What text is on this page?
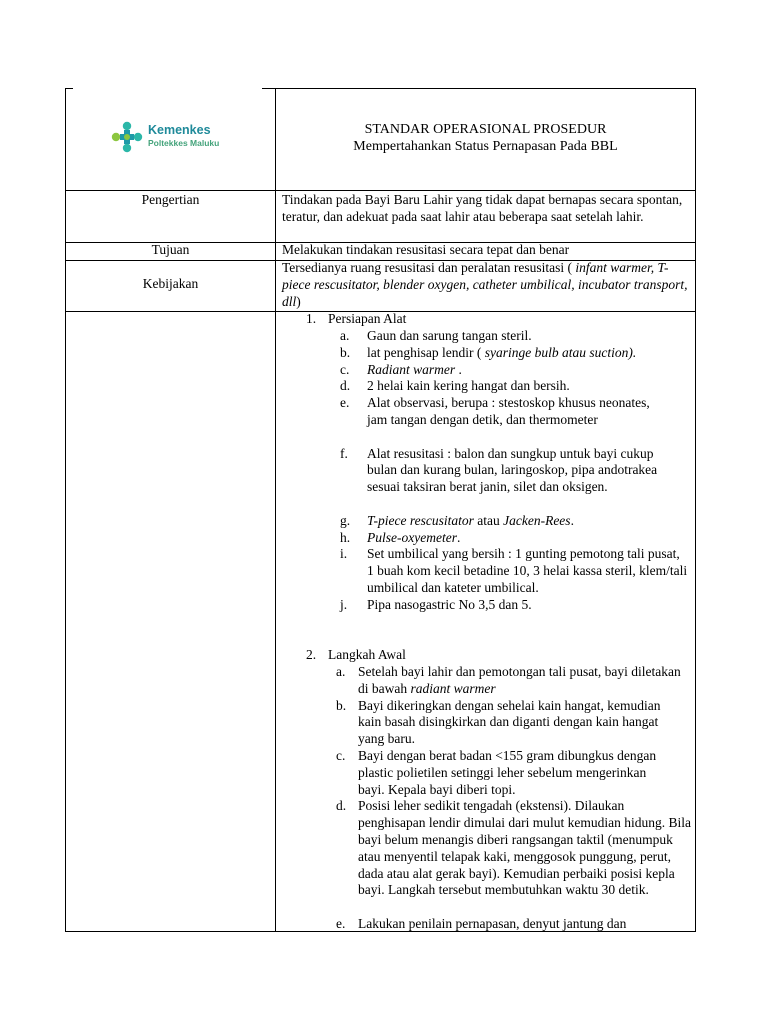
Kemenkes
Poltekkes Maluku
STANDAR OPERASIONAL PROSEDUR
Mempertahankan Status Pernapasan Pada BBL
Pengertian	Tindakan pada Bayi Baru Lahir yang tidak dapat bernapas secara spontan, teratur, dan adekuat pada saat lahir atau beberapa saat setelah lahir.
Tujuan	Melakukan tindakan resusitasi secara tepat dan benar
Kebijakan
Tersedianya ruang resusitasi dan peralatan resusitasi ( infant warmer, T-piece rescusitator, blender oxygen, catheter umbilical, incubator transport, dll)
1. Persiapan Alat
a. Gaun dan sarung tangan steril.
b. lat penghisap lendir ( syaringe bulb atau suction).
c. Radiant warmer .
d. 2 helai kain kering hangat dan bersih.
e. Alat observasi, berupa : stestoskop khusus neonates, jam tangan dengan detik, dan thermometer
f. Alat resusitasi : balon dan sungkup untuk bayi cukup bulan dan kurang bulan, laringoskop, pipa andotrakea sesuai taksiran berat janin, silet dan oksigen.
g. T-piece rescusitator atau Jacken-Rees.
h. Pulse-oxyemeter.
i. Set umbilical yang bersih : 1 gunting pemotong tali pusat, 1 buah kom kecil betadine 10, 3 helai kassa steril, klem/tali umbilical dan kateter umbilical.
j. Pipa nasogastric No 3,5 dan 5.
2. Langkah Awal
a. Setelah bayi lahir dan pemotongan tali pusat, bayi diletakan di bawah radiant warmer
b. Bayi dikeringkan dengan sehelai kain hangat, kemudian kain basah disingkirkan dan diganti dengan kain hangat yang baru.
c. Bayi dengan berat badan <155 gram dibungkus dengan plastic polietilen setinggi leher sebelum mengerinkan bayi. Kepala bayi diberi topi.
d. Posisi leher sedikit tengadah (ekstensi). Dilaukan penghisapan lendir dimulai dari mulut kemudian hidung. Bila bayi belum menangis diberi rangsangan taktil (menumpuk atau menyentil telapak kaki, menggosok punggung, perut, dada atau alat gerak bayi). Kemudian perbaiki posisi kepla bayi. Langkah tersebut membutuhkan waktu 30 detik.
e. Lakukan penilain pernapasan, denyut jantung dan
